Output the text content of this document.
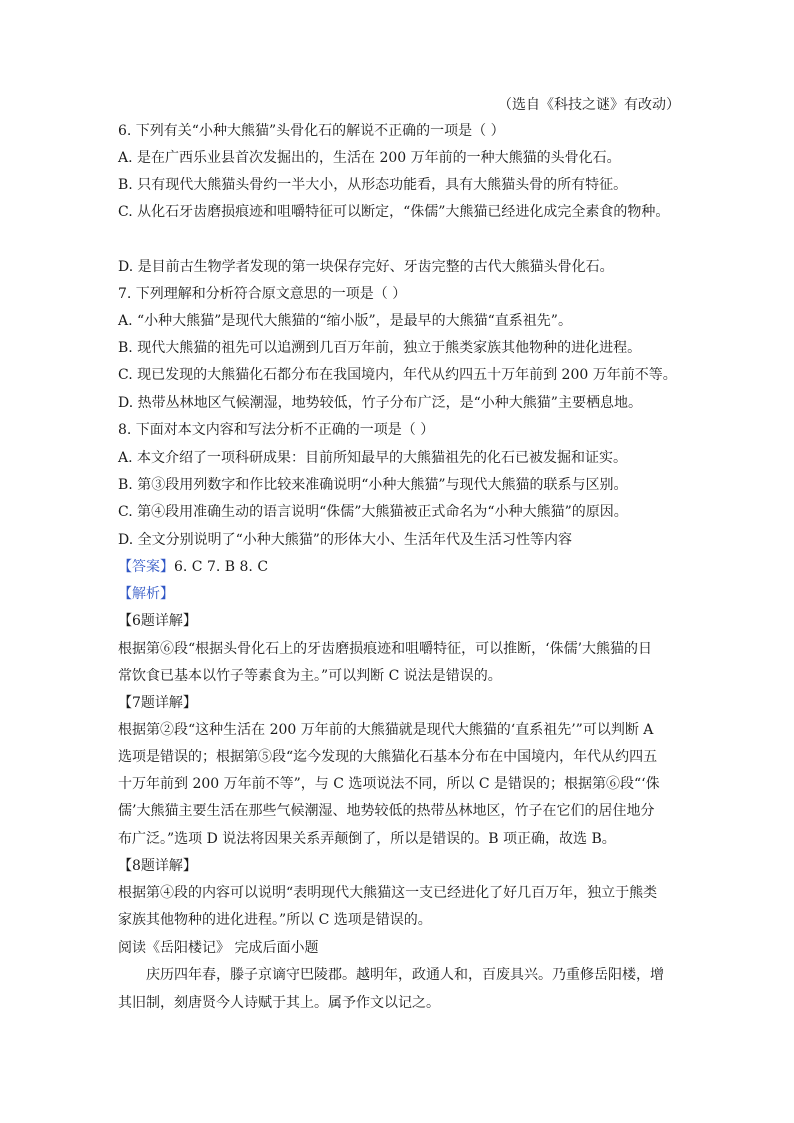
（选自《科技之谜》有改动）
6. 下列有关“小种大熊猫”头骨化石的解说不正确的一项是（ ）
A. 是在广西乐业县首次发掘出的，生活在 200 万年前的一种大熊猫的头骨化石。
B. 只有现代大熊猫头骨约一半大小，从形态功能看，具有大熊猫头骨的所有特征。
C. 从化石牙齿磨损痕迹和咀嚼特征可以断定，“侏儒”大熊猫已经进化成完全素食的物种。
D. 是目前古生物学者发现的第一块保存完好、牙齿完整的古代大熊猫头骨化石。
7. 下列理解和分析符合原文意思的一项是（ ）
A. “小种大熊猫”是现代大熊猫的“缩小版”，是最早的大熊猫“直系祖先”。
B. 现代大熊猫的祖先可以追溯到几百万年前，独立于熊类家族其他物种的进化进程。
C. 现已发现的大熊猫化石都分布在我国境内，年代从约四五十万年前到 200 万年前不等。
D. 热带丛林地区气候潮湿，地势较低，竹子分布广泛，是“小种大熊猫”主要栖息地。
8. 下面对本文内容和写法分析不正确的一项是（ ）
A. 本文介绍了一项科研成果：目前所知最早的大熊猫祖先的化石已被发掘和证实。
B. 第③段用列数字和作比较来准确说明“小种大熊猫”与现代大熊猫的联系与区别。
C. 第④段用准确生动的语言说明“侏儒”大熊猫被正式命名为“小种大熊猫”的原因。
D. 全文分别说明了“小种大熊猫”的形体大小、生活年代及生活习性等内容
【答案】6. C 7. B 8. C
【解析】
【6题详解】
根据第⑥段“根据头骨化石上的牙齿磨损痕迹和咀嚼特征，可以推断，‘侏儒’大熊猫的日
常饮食已基本以竹子等素食为主。”可以判断 C 说法是错误的。
【7题详解】
根据第②段“这种生活在 200 万年前的大熊猫就是现代大熊猫的‘直系祖先’”可以判断 A
选项是错误的；根据第⑤段“迄今发现的大熊猫化石基本分布在中国境内，年代从约四五
十万年前到 200 万年前不等”，与 C 选项说法不同，所以 C 是错误的；根据第⑥段“‘侏
儒’大熊猫主要生活在那些气候潮湿、地势较低的热带丛林地区，竹子在它们的居住地分
布广泛。”选项 D 说法将因果关系弄颠倒了，所以是错误的。B 项正确，故选 B。
【8题详解】
根据第④段的内容可以说明“表明现代大熊猫这一支已经进化了好几百万年，独立于熊类
家族其他物种的进化进程。”所以 C 选项是错误的。
阅读《岳阳楼记》 完成后面小题
庆历四年春，滕子京谪守巴陵郡。越明年，政通人和，百废具兴。乃重修岳阳楼，增
其旧制，刻唐贤今人诗赋于其上。属予作文以记之。
